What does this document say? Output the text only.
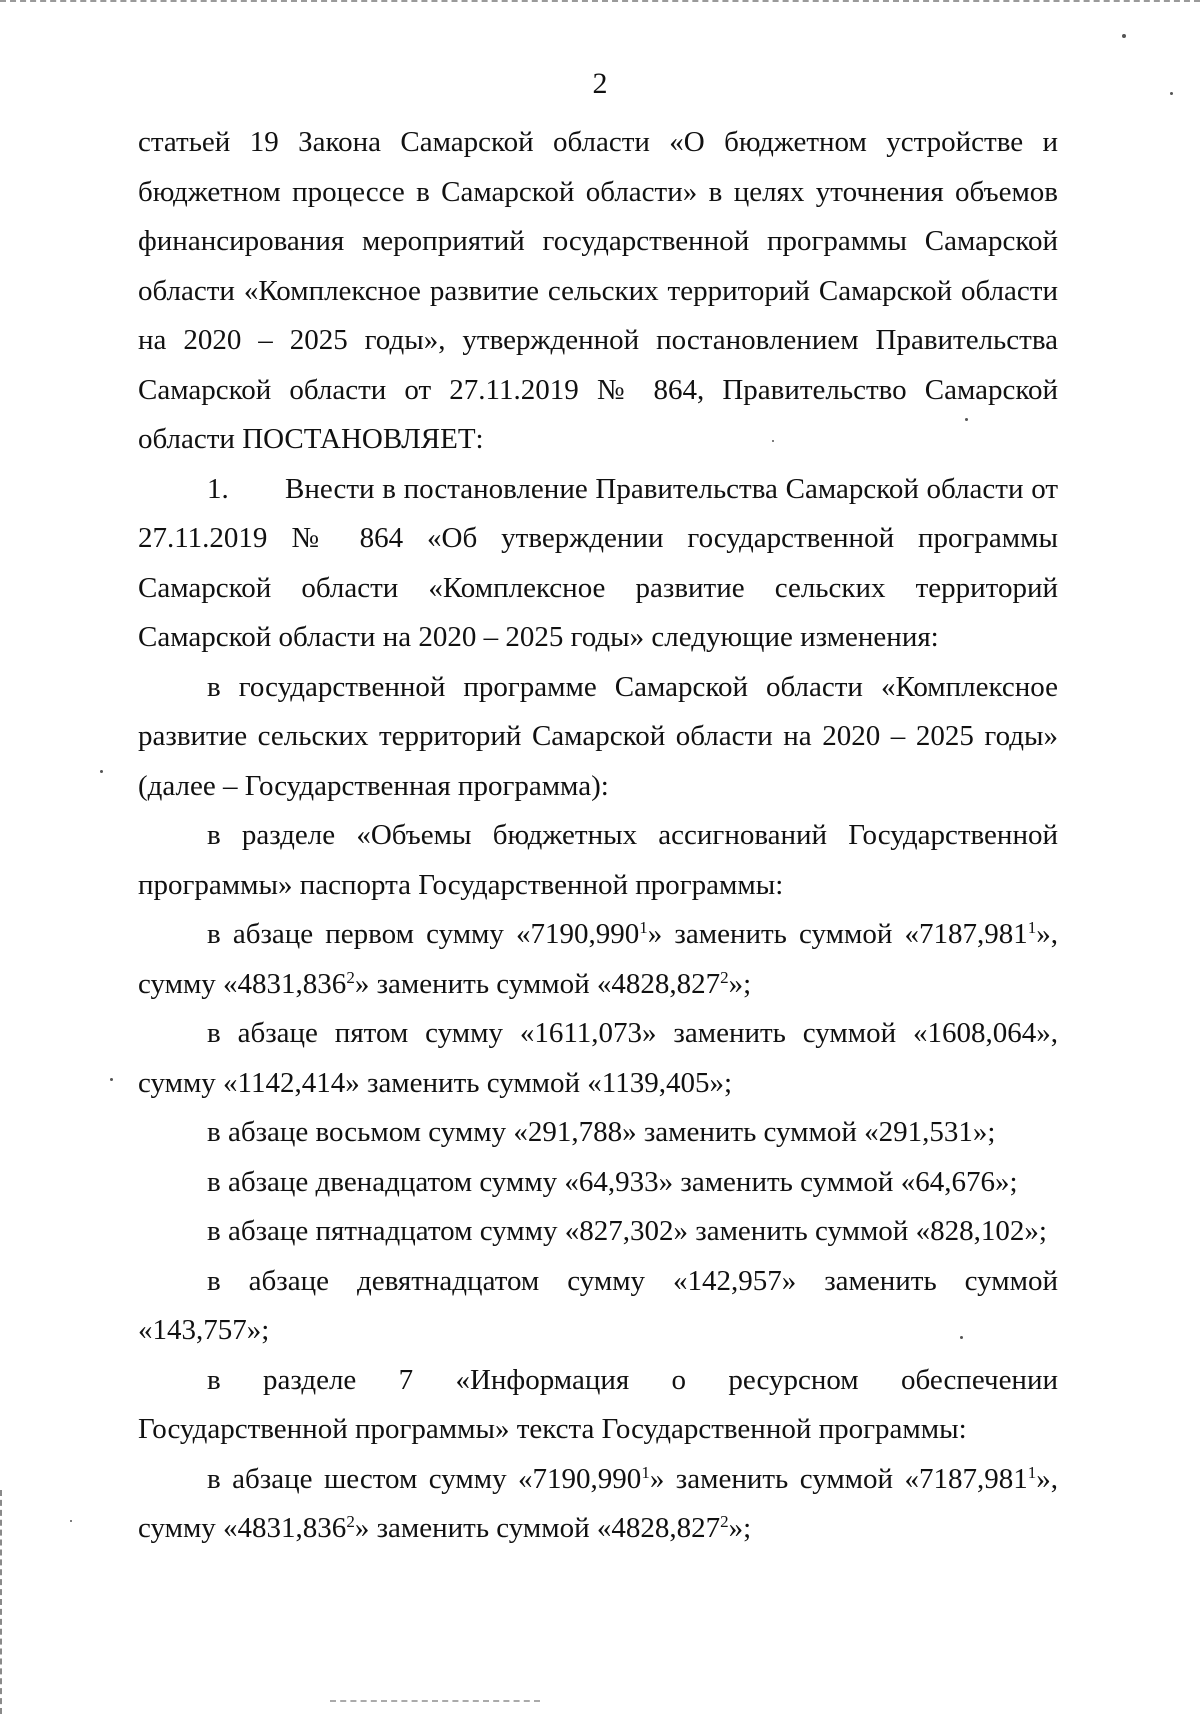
2

статьей 19 Закона Самарской области «О бюджетном устройстве и бюджетном процессе в Самарской области» в целях уточнения объемов финансирования мероприятий государственной программы Самарской области «Комплексное развитие сельских территорий Самарской области на 2020 – 2025 годы», утвержденной постановлением Правительства Самарской области от 27.11.2019 № 864, Правительство Самарской области ПОСТАНОВЛЯЕТ:

1. Внести в постановление Правительства Самарской области от 27.11.2019 № 864 «Об утверждении государственной программы Самарской области «Комплексное развитие сельских территорий Самарской области на 2020 – 2025 годы» следующие изменения:

в государственной программе Самарской области «Комплексное развитие сельских территорий Самарской области на 2020 – 2025 годы» (далее – Государственная программа):

в разделе «Объемы бюджетных ассигнований Государственной программы» паспорта Государственной программы:

в абзаце первом сумму «7190,990$^1$» заменить суммой «7187,981$^1$», сумму «4831,836$^2$» заменить суммой «4828,827$^2$»;

в абзаце пятом сумму «1611,073» заменить суммой «1608,064», сумму «1142,414» заменить суммой «1139,405»;

в абзаце восьмом сумму «291,788» заменить суммой «291,531»;

в абзаце двенадцатом сумму «64,933» заменить суммой «64,676»;

в абзаце пятнадцатом сумму «827,302» заменить суммой «828,102»;

в абзаце девятнадцатом сумму «142,957» заменить суммой «143,757»;

в разделе 7 «Информация о ресурсном обеспечении Государственной программы» текста Государственной программы:

в абзаце шестом сумму «7190,990$^1$» заменить суммой «7187,981$^1$», сумму «4831,836$^2$» заменить суммой «4828,827$^2$»;
